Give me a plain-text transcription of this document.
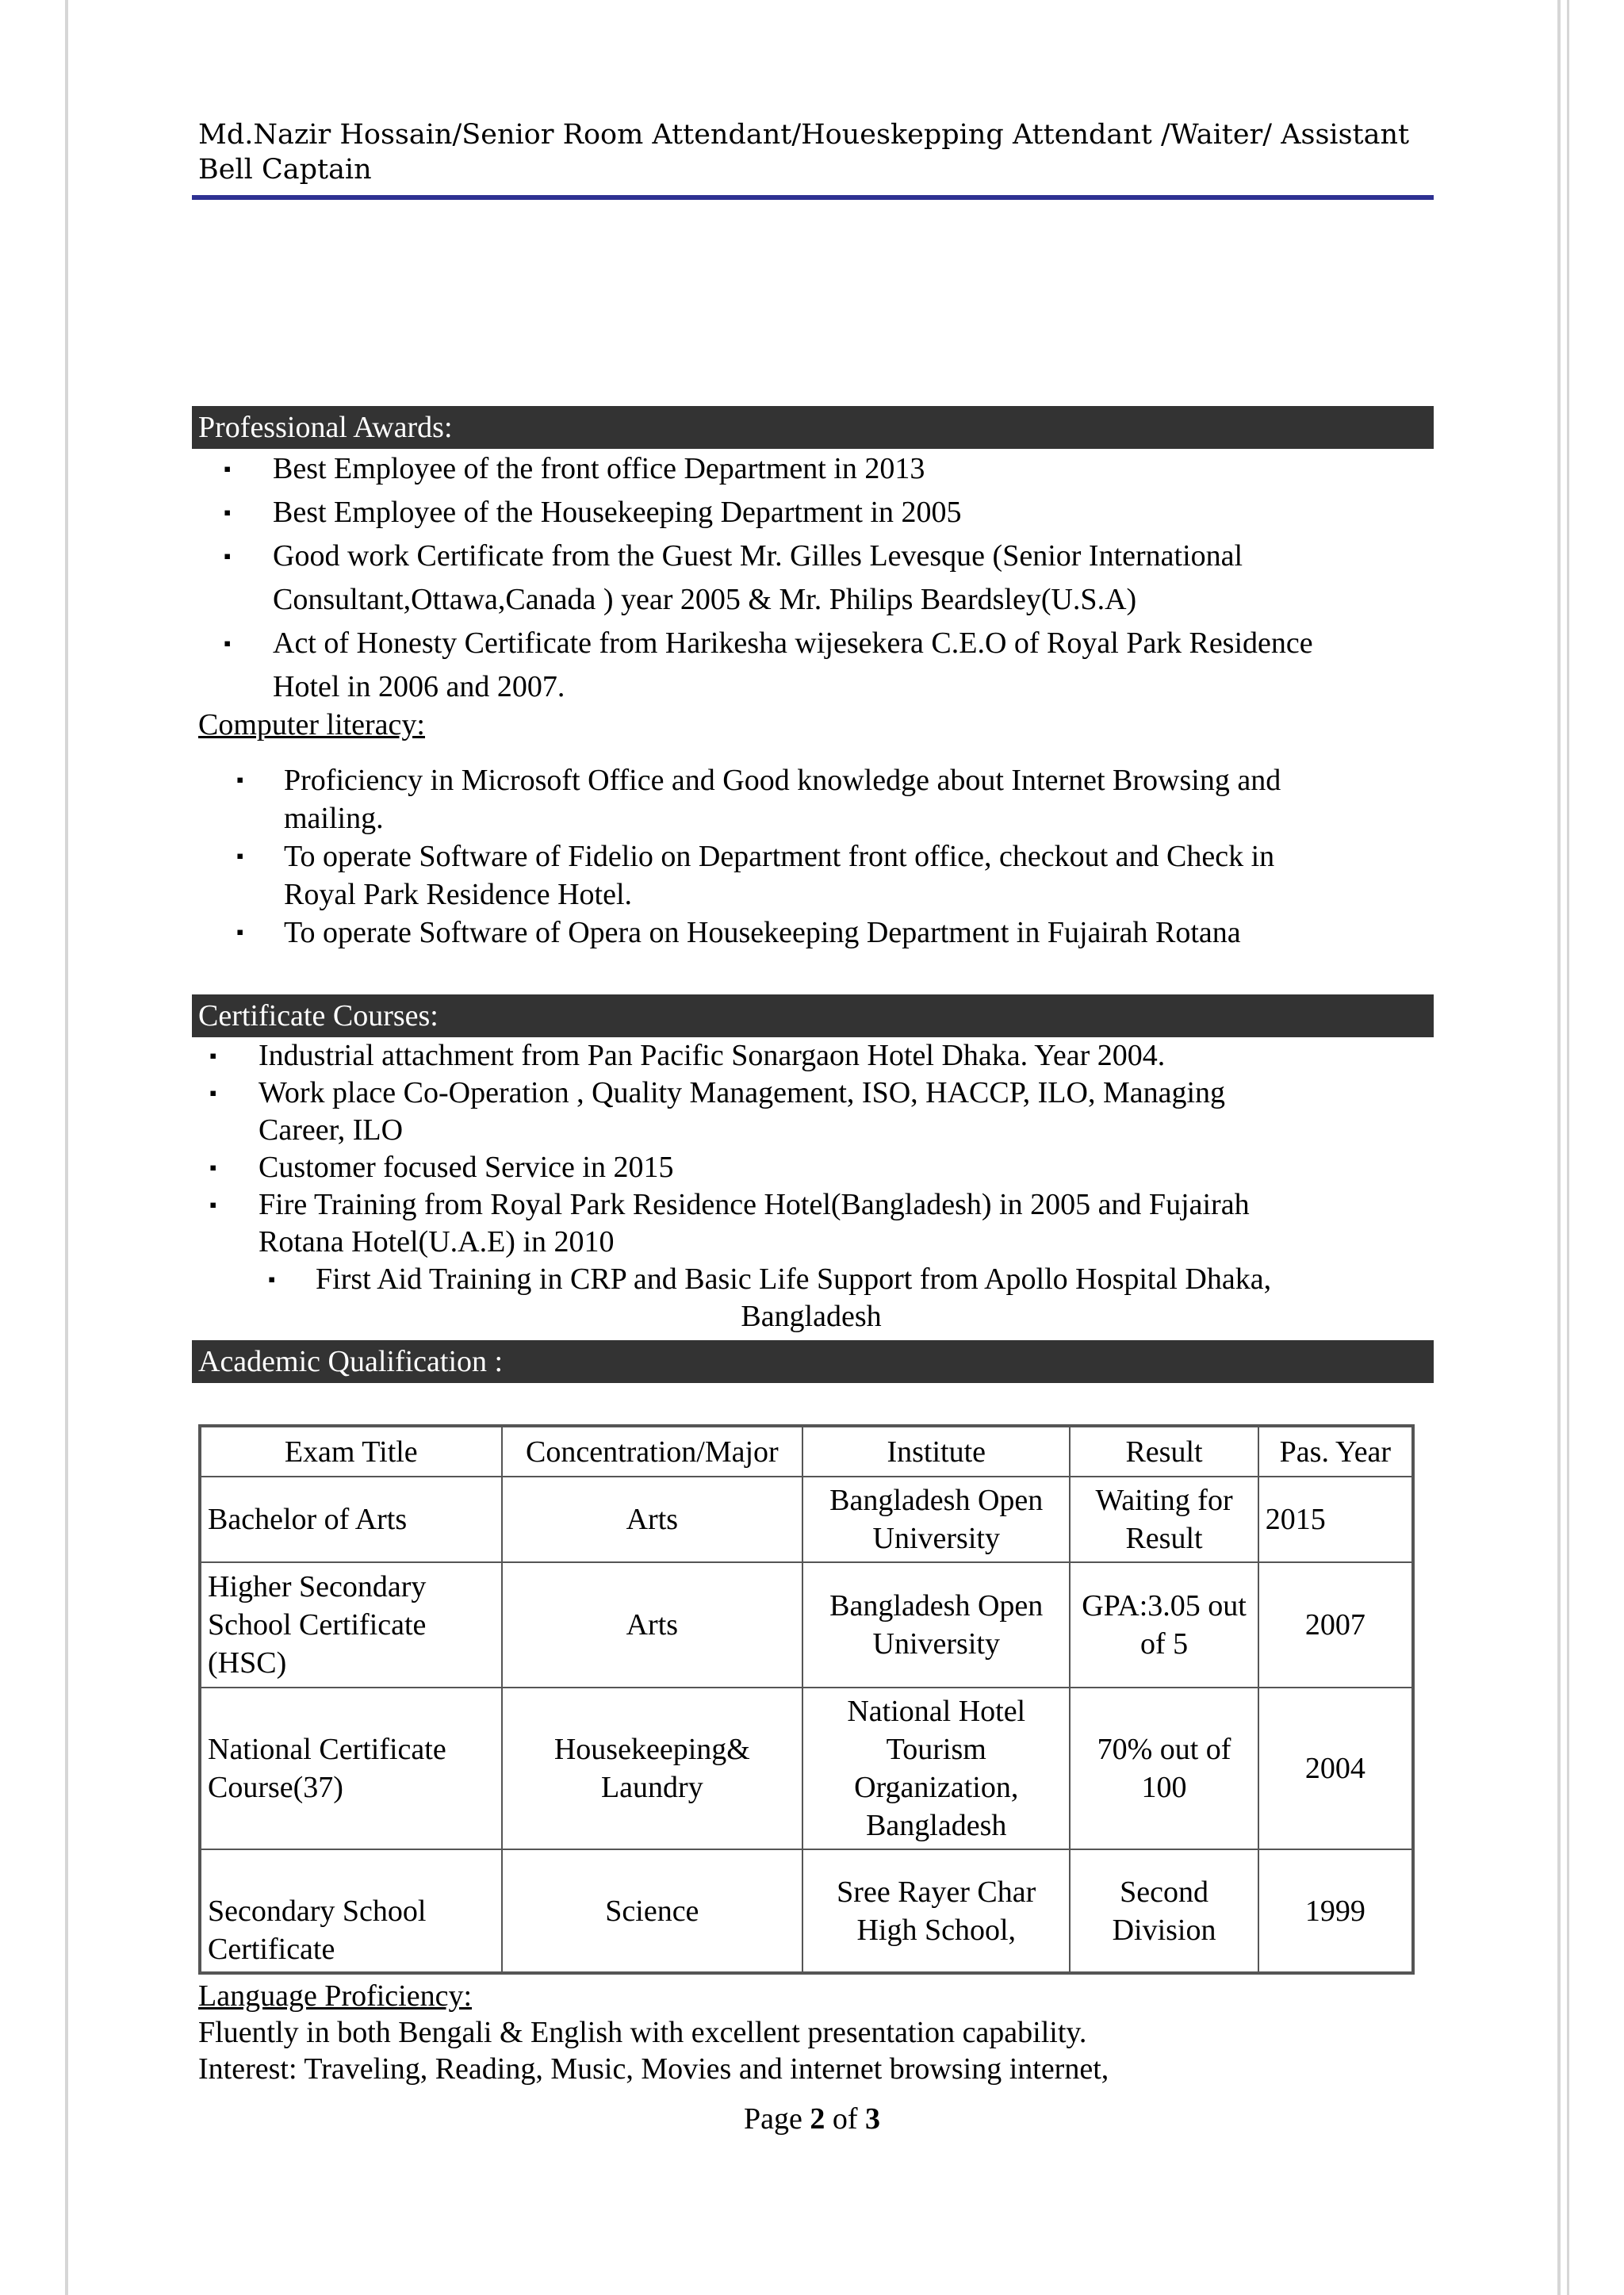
Md.Nazir Hossain/Senior Room Attendant/Houeskepping Attendant /Waiter/ Assistant
Bell Captain
Professional Awards:
▪ Best Employee of the front office Department in 2013
▪ Best Employee of the Housekeeping Department in 2005
▪ Good work Certificate from the Guest Mr. Gilles Levesque (Senior International
Consultant,Ottawa,Canada ) year 2005 & Mr. Philips Beardsley(U.S.A)
▪ Act of Honesty Certificate from Harikesha wijesekera C.E.O of Royal Park Residence
Hotel in 2006 and 2007.
Computer literacy:
▪ Proficiency in Microsoft Office and Good knowledge about Internet Browsing and
mailing.
▪ To operate Software of Fidelio on Department front office, checkout and Check in
Royal Park Residence Hotel.
▪ To operate Software of Opera on Housekeeping Department in Fujairah Rotana
Certificate Courses:
▪ Industrial attachment from Pan Pacific Sonargaon Hotel Dhaka. Year 2004.
▪ Work place Co-Operation , Quality Management, ISO, HACCP, ILO, Managing
Career, ILO
▪ Customer focused Service in 2015
▪ Fire Training from Royal Park Residence Hotel(Bangladesh) in 2005 and Fujairah
Rotana Hotel(U.A.E) in 2010
▪ First Aid Training in CRP and Basic Life Support from Apollo Hospital Dhaka,
Bangladesh
Academic Qualification :
Exam Title	Concentration/Major	Institute	Result	Pas. Year
Bachelor of Arts	Arts	Bangladesh Open University	Waiting for Result	2015
Higher Secondary School Certificate (HSC)	Arts	Bangladesh Open University	GPA:3.05 out of 5	2007
National Certificate Course(37)	Housekeeping& Laundry	National Hotel Tourism Organization, Bangladesh	70% out of 100	2004
Secondary School Certificate	Science	Sree Rayer Char High School,	Second Division	1999
Language Proficiency:
Fluently in both Bengali & English with excellent presentation capability.
Interest: Traveling, Reading, Music, Movies and internet browsing internet,
Page 2 of 3
